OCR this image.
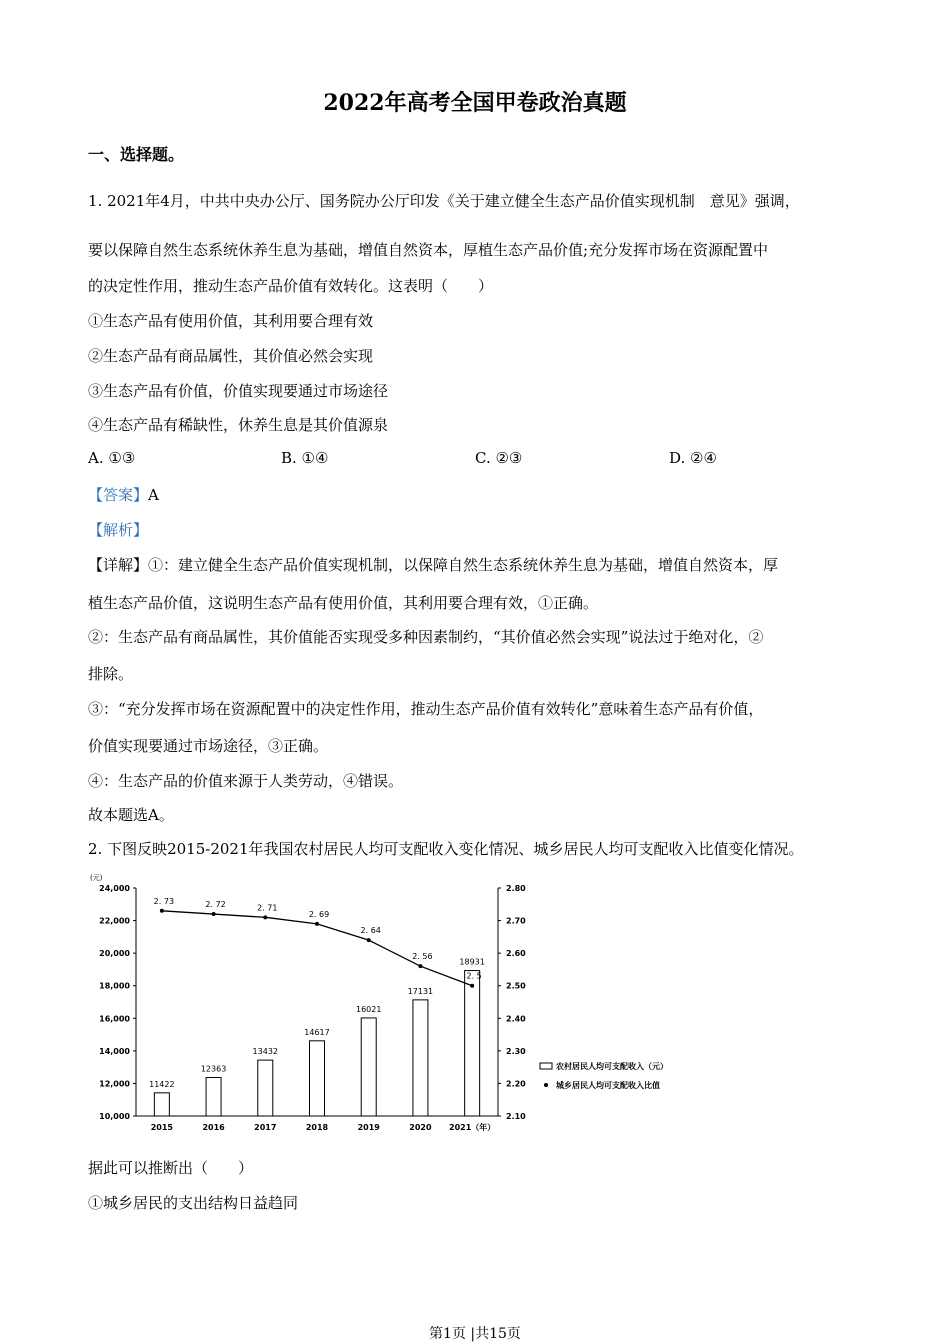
2022年高考全国甲卷政治真题
一、选择题。
1. 2021年4月，中共中央办公厅、国务院办公厅印发《关于建立健全生态产品价值实现机制　意见》强调，
要以保障自然生态系统休养生息为基础，增值自然资本，厚植生态产品价值;充分发挥市场在资源配置中
的决定性作用，推动生态产品价值有效转化。这表明（　　）
①生态产品有使用价值，其利用要合理有效
②生态产品有商品属性，其价值必然会实现
③生态产品有价值，价值实现要通过市场途径
④生态产品有稀缺性，休养生息是其价值源泉
A. ①③	B. ①④	C. ②③	D. ②④
【答案】A
【解析】
【详解】①：建立健全生态产品价值实现机制，以保障自然生态系统休养生息为基础，增值自然资本，厚
植生态产品价值，这说明生态产品有使用价值，其利用要合理有效，①正确。
②：生态产品有商品属性，其价值能否实现受多种因素制约，“其价值必然会实现”说法过于绝对化，②
排除。
③：“充分发挥市场在资源配置中的决定性作用，推动生态产品价值有效转化”意味着生态产品有价值，
价值实现要通过市场途径，③正确。
④：生态产品的价值来源于人类劳动，④错误。
故本题选A。
2. 下图反映2015-2021年我国农村居民人均可支配收入变化情况、城乡居民人均可支配收入比值变化情况。
(元)
24,000
22,000
20,000
18,000
16,000
14,000
12,000
10,000
2.80
2.70
2.60
2.50
2.40
2.30
2.20
2.10
2015	2016	2017	2018	2019	2020 2021（年）
11422
12363
13432
14617
16021
17131
18931
2. 73	2. 72	2. 71
2. 69
2. 64
2. 56
2. 5
农村居民人均可支配收入（元）
城乡居民人均可支配收入比值
据此可以推断出（　　）
①城乡居民的支出结构日益趋同
第1页 |共15页
